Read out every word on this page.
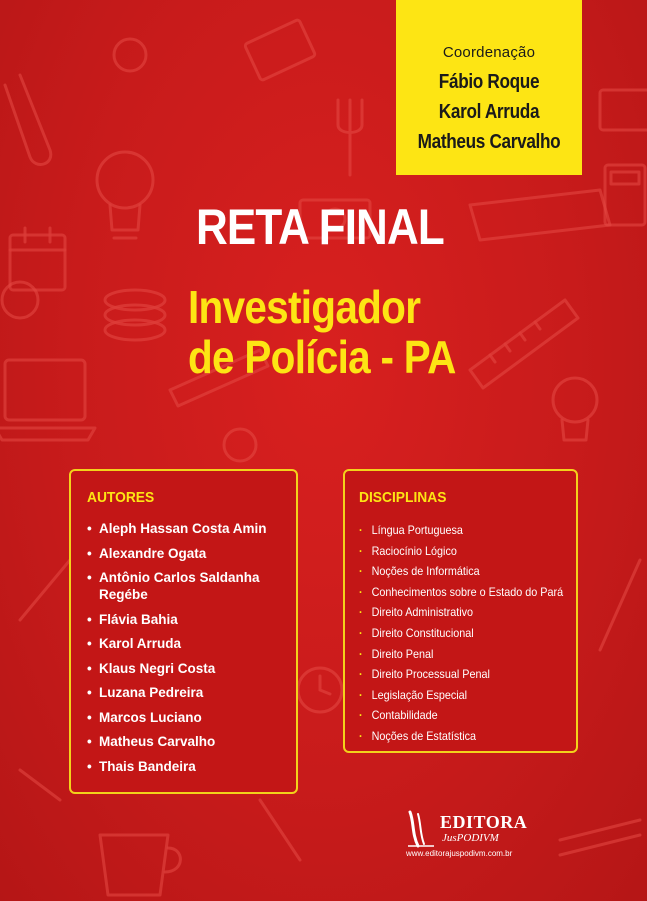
Coordenação
Fábio Roque
Karol Arruda
Matheus Carvalho
RETA FINAL
Investigador
de Polícia - PA
AUTORES
• Aleph Hassan Costa Amin
• Alexandre Ogata
• Antônio Carlos Saldanha Regébe
• Flávia Bahia
• Karol Arruda
• Klaus Negri Costa
• Luzana Pedreira
• Marcos Luciano
• Matheus Carvalho
• Thais Bandeira
DISCIPLINAS
· Língua Portuguesa
· Raciocínio Lógico
· Noções de Informática
· Conhecimentos sobre o Estado do Pará
· Direito Administrativo
· Direito Constitucional
· Direito Penal
· Direito Processual Penal
· Legislação Especial
· Contabilidade
· Noções de Estatística
EDITORA
JusPODIVM
www.editorajuspodivm.com.br
